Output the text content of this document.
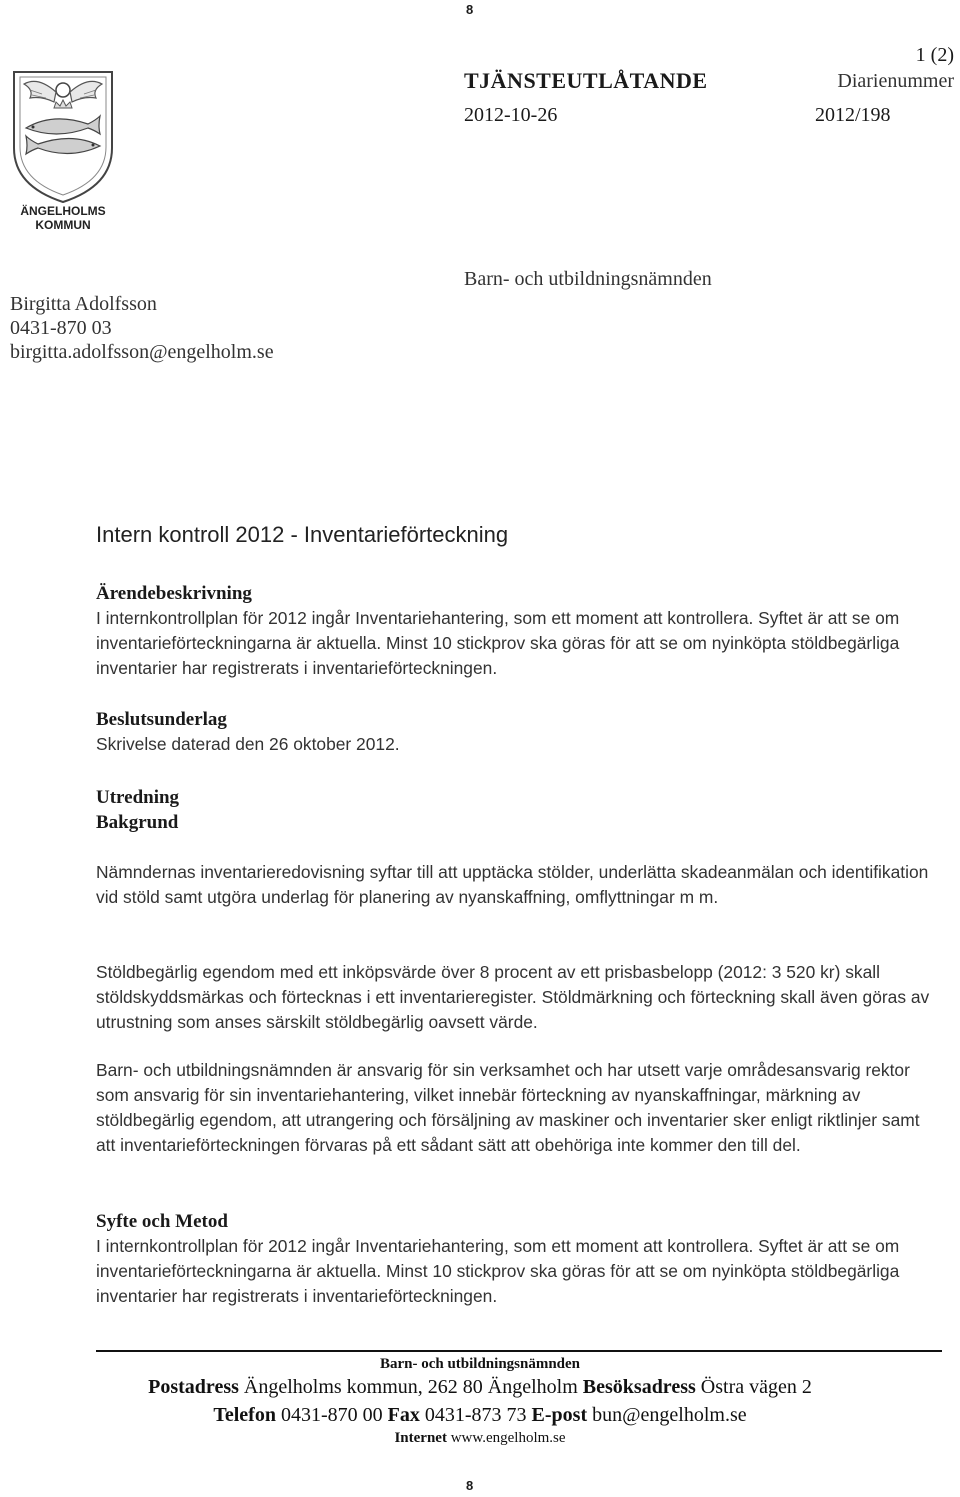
8
ÄNGELHOLMS
KOMMUN
1 (2)
TJÄNSTEUTLÅTANDE	Diarienummer
2012-10-26	2012/198
Barn- och utbildningsnämnden
Birgitta Adolfsson
0431-870 03
birgitta.adolfsson@engelholm.se
Intern kontroll 2012 - Inventarieförteckning

Ärendebeskrivning

I internkontrollplan för 2012 ingår Inventariehantering, som ett moment att kontrollera. Syftet är att se om inventarieförteckningarna är aktuella. Minst 10 stickprov ska göras för att se om nyinköpta stöldbegärliga inventarier har registrerats i inventarieförteckningen.

Beslutsunderlag

Skrivelse daterad den 26 oktober 2012.

Utredning

Bakgrund

Nämndernas inventarieredovisning syftar till att upptäcka stölder, underlätta skadeanmälan och identifikation vid stöld samt utgöra underlag för planering av nyanskaffning, omflyttningar m m.
Stöldbegärlig egendom med ett inköpsvärde över 8 procent av ett prisbasbelopp (2012: 3 520 kr) skall stöldskyddsmärkas och förtecknas i ett inventarieregister. Stöldmärkning och förteckning skall även göras av utrustning som anses särskilt stöldbegärlig oavsett värde.
Barn- och utbildningsnämnden är ansvarig för sin verksamhet och har utsett varje områdesansvarig rektor som ansvarig för sin inventariehantering, vilket innebär förteckning av nyanskaffningar, märkning av stöldbegärlig egendom, att utrangering och försäljning av maskiner och inventarier sker enligt riktlinjer samt att inventarieförteckningen förvaras på ett sådant sätt att obehöriga inte kommer den till del.

Syfte och Metod

I internkontrollplan för 2012 ingår Inventariehantering, som ett moment att kontrollera. Syftet är att se om inventarieförteckningarna är aktuella. Minst 10 stickprov ska göras för att se om nyinköpta stöldbegärliga inventarier har registrerats i inventarieförteckningen.

Barn- och utbildningsnämnden
Postadress Ängelholms kommun, 262 80 Ängelholm Besöksadress Östra vägen 2
Telefon 0431-870 00 Fax 0431-873 73 E-post bun@engelholm.se
Internet www.engelholm.se
8
